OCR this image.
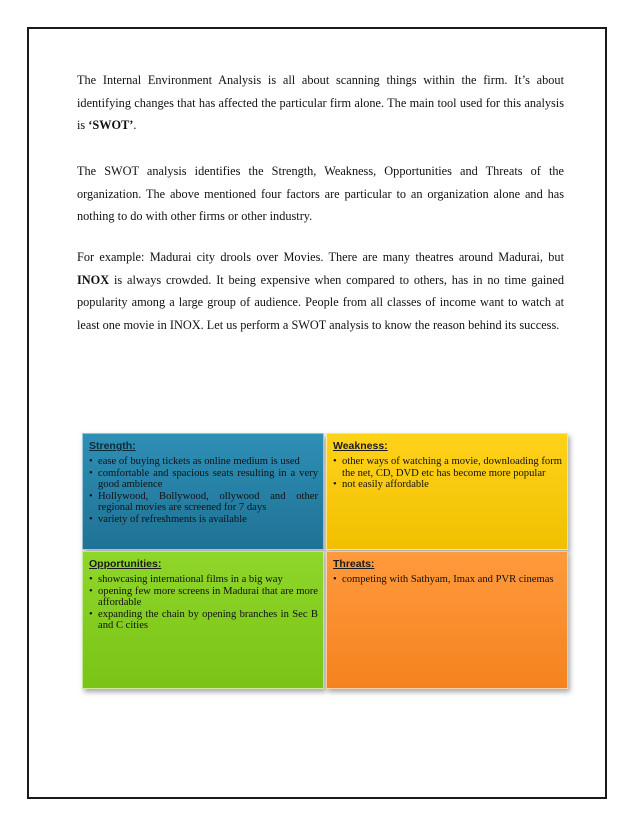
The Internal Environment Analysis is all about scanning things within the firm. It’s about identifying changes that has affected the particular firm alone. The main tool used for this analysis is ‘SWOT’.

The SWOT analysis identifies the Strength, Weakness, Opportunities and Threats of the organization. The above mentioned four factors are particular to an organization alone and has nothing to do with other firms or other industry.

For example: Madurai city drools over Movies. There are many theatres around Madurai, but INOX is always crowded. It being expensive when compared to others, has in no time gained popularity among a large group of audience. People from all classes of income want to watch at least one movie in INOX. Let us perform a SWOT analysis to know the reason behind its success.

Strength:
• ease of buying tickets as online medium is used
• comfortable and spacious seats resulting in a very good ambience
• Hollywood, Bollywood, ollywood and other regional movies are screened for 7 days
• variety of refreshments is available
Weakness:
• other ways of watching a movie, downloading form the net, CD, DVD etc has become more popular
• not easily affordable
Opportunities:
• showcasing international films in a big way
• opening few more screens in Madurai that are more affordable
• expanding the chain by opening branches in Sec B and C cities
Threats:
• competing with Sathyam, Imax and PVR cinemas
